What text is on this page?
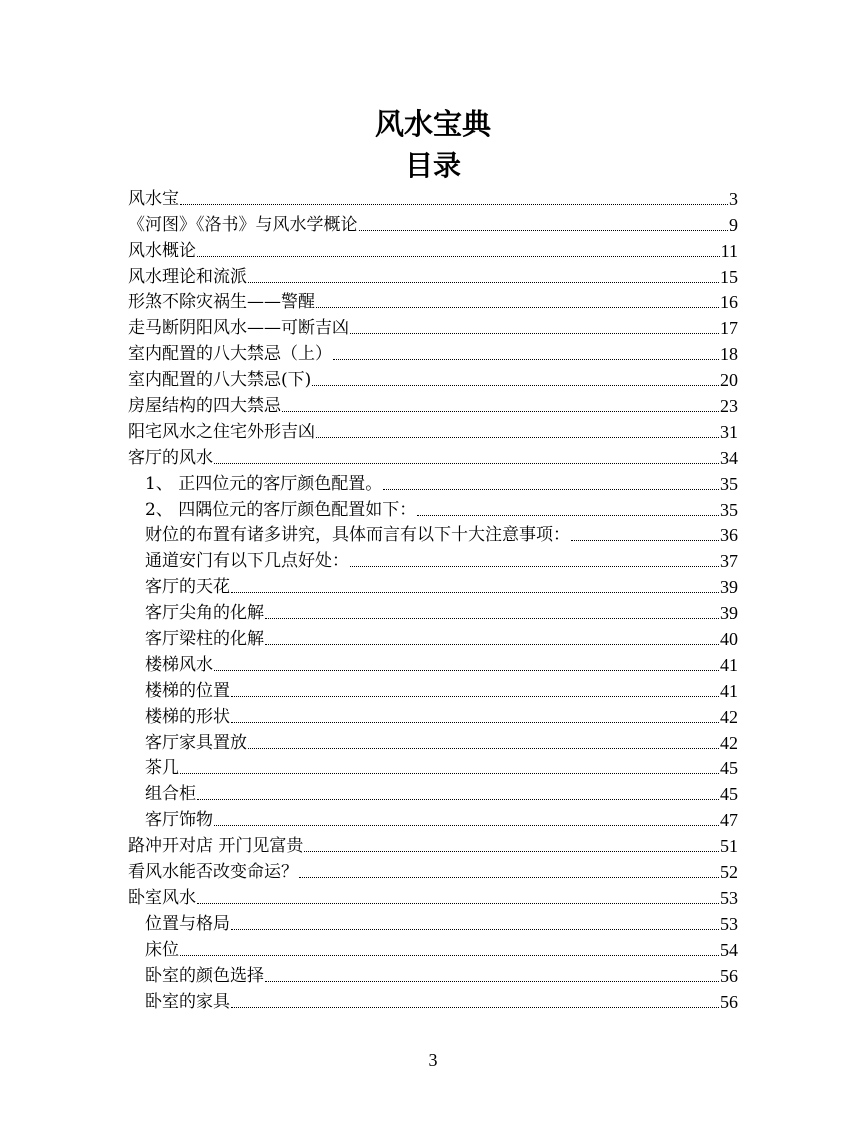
风水宝典
目录
风水宝	3
《河图》《洛书》与风水学概论	9
风水概论	11
风水理论和流派	15
形煞不除灾祸生——警醒	16
走马断阴阳风水——可断吉凶	17
室内配置的八大禁忌（上）	18
室内配置的八大禁忌(下)	20
房屋结构的四大禁忌	23
阳宅风水之住宅外形吉凶	31
客厅的风水	34
1、 正四位元的客厅颜色配置。	35
2、 四隅位元的客厅颜色配置如下：	35
财位的布置有诸多讲究，具体而言有以下十大注意事项：	36
通道安门有以下几点好处：	37
客厅的天花	39
客厅尖角的化解	39
客厅梁柱的化解	40
楼梯风水	41
楼梯的位置	41
楼梯的形状	42
客厅家具置放	42
茶几	45
组合柜	45
客厅饰物	47
路冲开对店 开门见富贵	51
看风水能否改变命运？	52
卧室风水	53
位置与格局	53
床位	54
卧室的颜色选择	56
卧室的家具	56
3
